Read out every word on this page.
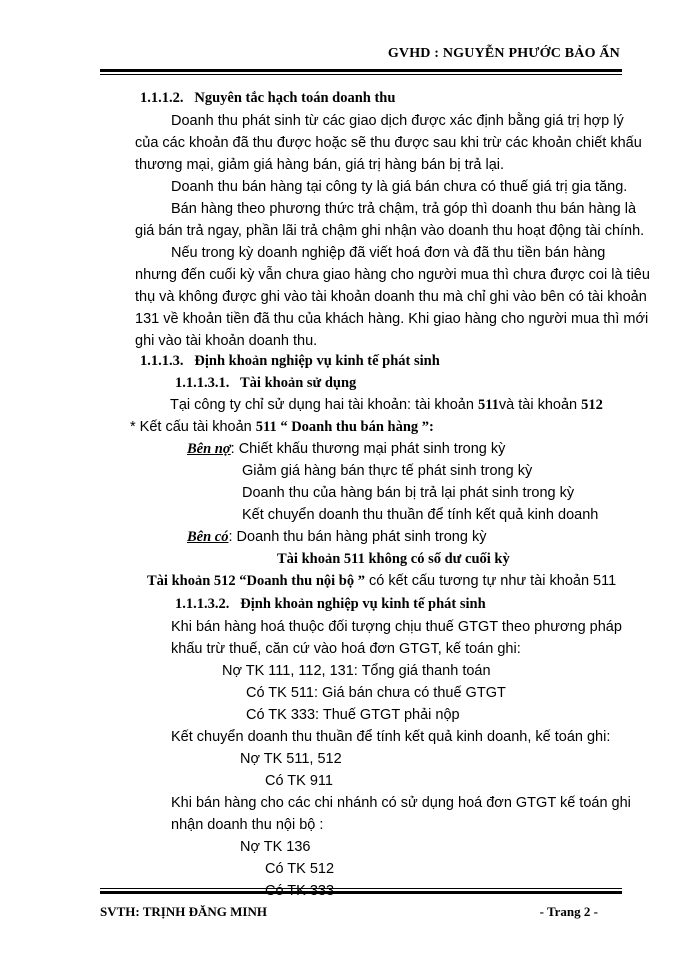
GVHD : NGUYỄN PHƯỚC BẢO ẤN
1.1.1.2. Nguyên tắc hạch toán doanh thu
Doanh thu phát sinh từ các giao dịch được xác định bằng giá trị hợp lý
của các khoản đã thu được hoặc sẽ thu được sau khi trừ các khoản chiết khấu
thương mại, giảm giá hàng bán, giá trị hàng bán bị trả lại.
Doanh thu bán hàng tại công ty là giá bán chưa có thuế giá trị gia tăng.
Bán hàng theo phương thức trả chậm, trả góp thì doanh thu bán hàng là
giá bán trả ngay, phần lãi trả chậm ghi nhận vào doanh thu hoạt động tài chính.
Nếu trong kỳ doanh nghiệp đã viết hoá đơn và đã thu tiền bán hàng
nhưng đến cuối kỳ vẫn chưa giao hàng cho người mua thì chưa được coi là tiêu
thụ và không được ghi vào tài khoản doanh thu mà chỉ ghi vào bên có tài khoản
131 về khoản tiền đã thu của khách hàng. Khi giao hàng cho người mua thì mới
ghi vào tài khoản doanh thu.
1.1.1.3. Định khoản nghiệp vụ kinh tế phát sinh
1.1.1.3.1. Tài khoản sử dụng
Tại công ty chỉ sử dụng hai tài khoản: tài khoản 511và tài khoản 512
* Kết cấu tài khoản 511 “ Doanh thu bán hàng ”:
Bên nợ: Chiết khấu thương mại phát sinh trong kỳ
Giảm giá hàng bán thực tế phát sinh trong kỳ
Doanh thu của hàng bán bị trả lại phát sinh trong kỳ
Kết chuyển doanh thu thuần để tính kết quả kinh doanh
Bên có: Doanh thu bán hàng phát sinh trong kỳ
Tài khoản 511 không có số dư cuối kỳ
Tài khoản 512 “Doanh thu nội bộ ” có kết cấu tương tự như tài khoản 511
1.1.1.3.2. Định khoản nghiệp vụ kinh tế phát sinh
Khi bán hàng hoá thuộc đối tượng chịu thuế GTGT theo phương pháp
khấu trừ thuế, căn cứ vào hoá đơn GTGT, kế toán ghi:
Nợ TK 111, 112, 131: Tổng giá thanh toán
Có TK 511: Giá bán chưa có thuế GTGT
Có TK 333: Thuế GTGT phải nộp
Kết chuyển doanh thu thuần để tính kết quả kinh doanh, kế toán ghi:
Nợ TK 511, 512
Có TK 911
Khi bán hàng cho các chi nhánh có sử dụng hoá đơn GTGT kế toán ghi
nhận doanh thu nội bộ :
Nợ TK 136
Có TK 512
SVTH: TRỊNH ĐĂNG MINH	- Trang 2 -
